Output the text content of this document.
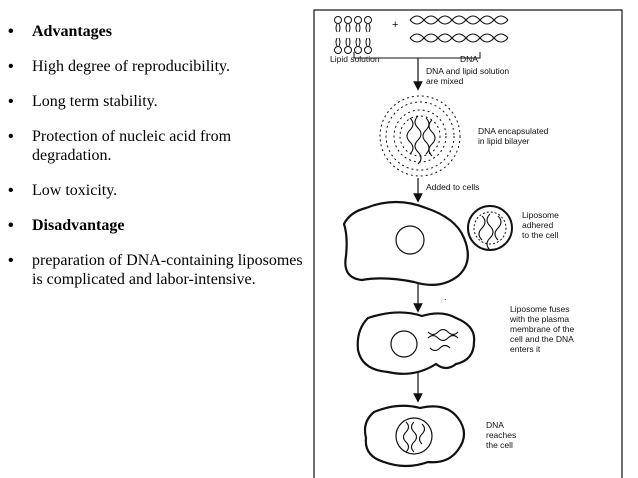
• Advantages
• High degree of reproducibility.
• Long term stability.
• Protection of nucleic acid from degradation.
• Low toxicity.
• Disadvantage
• preparation of DNA-containing liposomes is complicated and labor-intensive.
+
Lipid solution	DNA
DNA and lipid solution
are mixed
DNA encapsulated
in lipid bilayer
Added to cells
Liposome
adhered
to the cell
.
Liposome fuses
with the plasma
membrane of the
cell and the DNA
enters it
DNA
reaches
the cell
